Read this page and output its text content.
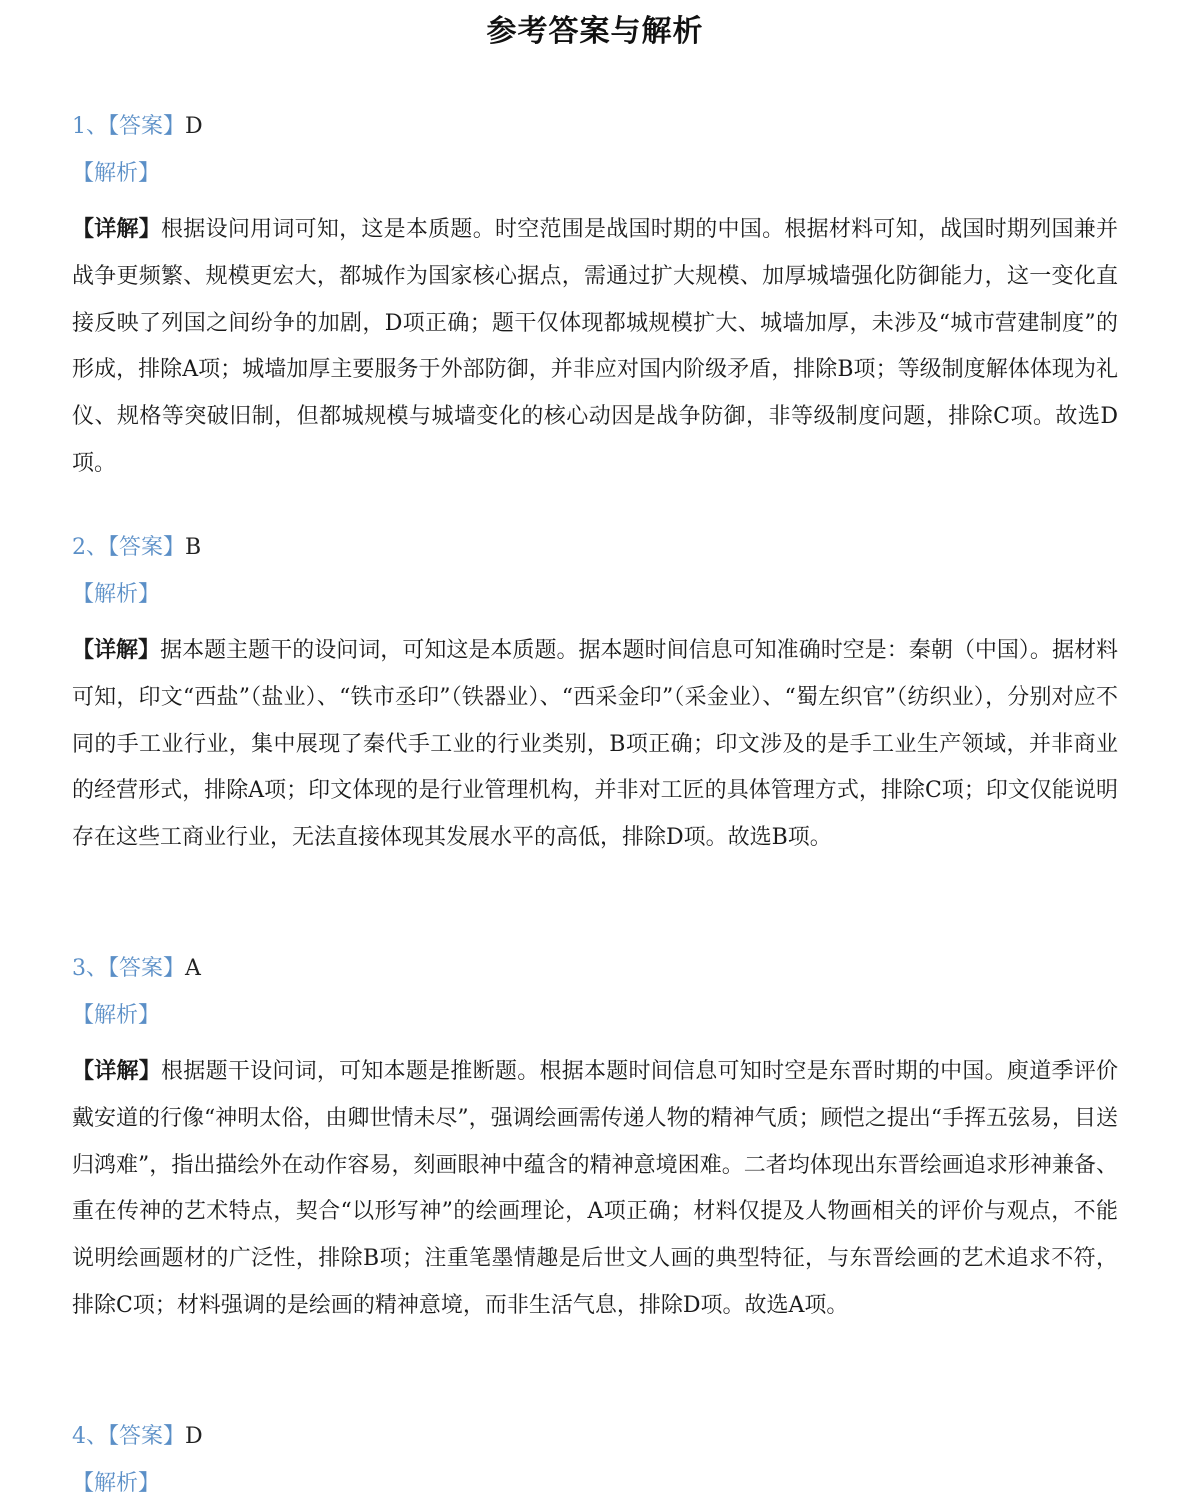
参考答案与解析
1、【答案】D
【解析】
【详解】根据设问用词可知，这是本质题。时空范围是战国时期的中国。根据材料可知，战国时期列国兼并战争更频繁、规模更宏大，都城作为国家核心据点，需通过扩大规模、加厚城墙强化防御能力，这一变化直接反映了列国之间纷争的加剧，D项正确；题干仅体现都城规模扩大、城墙加厚，未涉及“城市营建制度”的形成，排除A项；城墙加厚主要服务于外部防御，并非应对国内阶级矛盾，排除B项；等级制度解体体现为礼仪、规格等突破旧制，但都城规模与城墙变化的核心动因是战争防御，非等级制度问题，排除C项。故选D项。
2、【答案】B
【解析】
【详解】据本题主题干的设问词，可知这是本质题。据本题时间信息可知准确时空是：秦朝（中国）。据材料可知，印文“西盐”（盐业）、“铁市丞印”（铁器业）、“西采金印”（采金业）、“蜀左织官”（纺织业），分别对应不同的手工业行业，集中展现了秦代手工业的行业类别，B项正确；印文涉及的是手工业生产领域，并非商业的经营形式，排除A项；印文体现的是行业管理机构，并非对工匠的具体管理方式，排除C项；印文仅能说明存在这些工商业行业，无法直接体现其发展水平的高低，排除D项。故选B项。
3、【答案】A
【解析】
【详解】根据题干设问词，可知本题是推断题。根据本题时间信息可知时空是东晋时期的中国。庾道季评价戴安道的行像“神明太俗，由卿世情未尽”，强调绘画需传递人物的精神气质；顾恺之提出“手挥五弦易，目送归鸿难”，指出描绘外在动作容易，刻画眼神中蕴含的精神意境困难。二者均体现出东晋绘画追求形神兼备、重在传神的艺术特点，契合“以形写神”的绘画理论，A项正确；材料仅提及人物画相关的评价与观点，不能说明绘画题材的广泛性，排除B项；注重笔墨情趣是后世文人画的典型特征，与东晋绘画的艺术追求不符，排除C项；材料强调的是绘画的精神意境，而非生活气息，排除D项。故选A项。
4、【答案】D
【解析】
